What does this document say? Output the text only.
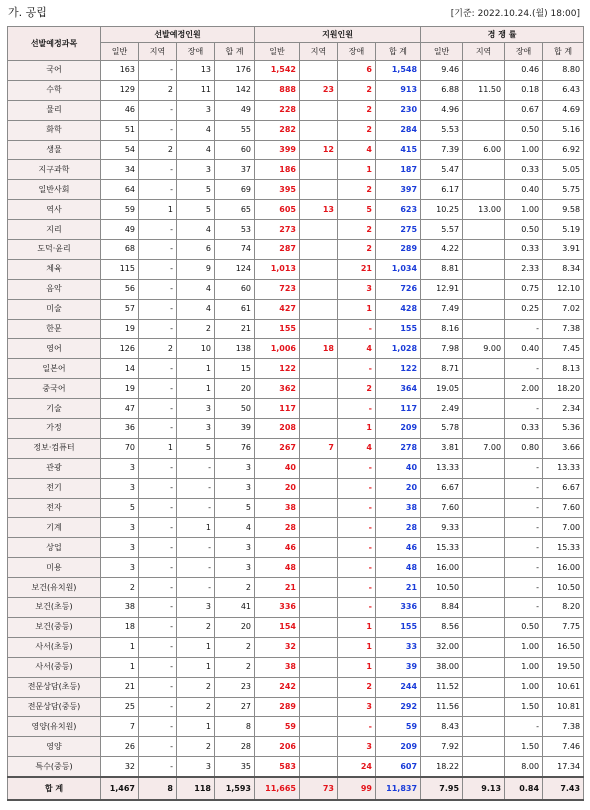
가. 공립	[기준: 2022.10.24.(월) 18:00]
선발예정과목	선발예정인원				지원인원				경 쟁 률			
	일반	지역	장애	합 계	일반	지역	장애	합 계	일반	지역	장애	합 계
국어	163	-	13	176	1,542		6	1,548	9.46		0.46	8.80
수학	129	2	11	142	888	23	2	913	6.88	11.50	0.18	6.43
물리	46	-	3	49	228		2	230	4.96		0.67	4.69
화학	51	-	4	55	282		2	284	5.53		0.50	5.16
생물	54	2	4	60	399	12	4	415	7.39	6.00	1.00	6.92
지구과학	34	-	3	37	186		1	187	5.47		0.33	5.05
일반사회	64	-	5	69	395		2	397	6.17		0.40	5.75
역사	59	1	5	65	605	13	5	623	10.25	13.00	1.00	9.58
지리	49	-	4	53	273		2	275	5.57		0.50	5.19
도덕·윤리	68	-	6	74	287		2	289	4.22		0.33	3.91
체육	115	-	9	124	1,013		21	1,034	8.81		2.33	8.34
음악	56	-	4	60	723		3	726	12.91		0.75	12.10
미술	57	-	4	61	427		1	428	7.49		0.25	7.02
한문	19	-	2	21	155		-	155	8.16		-	7.38
영어	126	2	10	138	1,006	18	4	1,028	7.98	9.00	0.40	7.45
일본어	14	-	1	15	122		-	122	8.71		-	8.13
중국어	19	-	1	20	362		2	364	19.05		2.00	18.20
기술	47	-	3	50	117		-	117	2.49		-	2.34
가정	36	-	3	39	208		1	209	5.78		0.33	5.36
정보·컴퓨터	70	1	5	76	267	7	4	278	3.81	7.00	0.80	3.66
관광	3	-	-	3	40		-	40	13.33		-	13.33
전기	3	-	-	3	20		-	20	6.67		-	6.67
전자	5	-	-	5	38		-	38	7.60		-	7.60
기계	3	-	1	4	28		-	28	9.33		-	7.00
상업	3	-	-	3	46		-	46	15.33		-	15.33
미용	3	-	-	3	48		-	48	16.00		-	16.00
보건(유치원)	2	-	-	2	21		-	21	10.50		-	10.50
보건(초등)	38	-	3	41	336		-	336	8.84		-	8.20
보건(중등)	18	-	2	20	154		1	155	8.56		0.50	7.75
사서(초등)	1	-	1	2	32		1	33	32.00		1.00	16.50
사서(중등)	1	-	1	2	38		1	39	38.00		1.00	19.50
전문상담(초등)	21	-	2	23	242		2	244	11.52		1.00	10.61
전문상담(중등)	25	-	2	27	289		3	292	11.56		1.50	10.81
영양(유치원)	7	-	1	8	59		-	59	8.43		-	7.38
영양	26	-	2	28	206		3	209	7.92		1.50	7.46
특수(중등)	32	-	3	35	583		24	607	18.22		8.00	17.34
합 계	1,467	8	118	1,593	11,665	73	99	11,837	7.95	9.13	0.84	7.43
